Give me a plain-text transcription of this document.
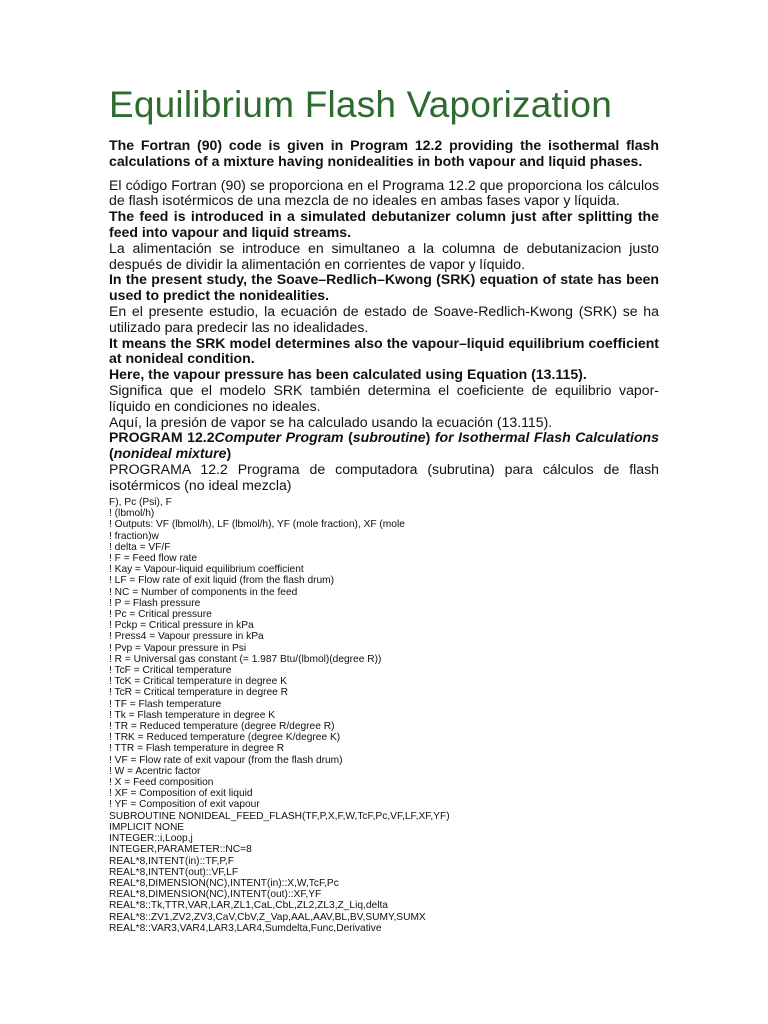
Equilibrium Flash Vaporization

The Fortran (90) code is given in Program 12.2 providing the isothermal flash calculations of a mixture having nonidealities in both vapour and liquid phases.

El código Fortran (90) se proporciona en el Programa 12.2 que proporciona los cálculos de flash isotérmicos de una mezcla de no ideales en ambas fases vapor y líquida.

The feed is introduced in a simulated debutanizer column just after splitting the feed into vapour and liquid streams.

La alimentación se introduce en simultaneo a la columna de debutanizacion justo después de dividir la alimentación en corrientes de vapor y líquido.

In the present study, the Soave–Redlich–Kwong (SRK) equation of state has been used to predict the nonidealities.

En el presente estudio, la ecuación de estado de Soave-Redlich-Kwong (SRK) se ha utilizado para predecir las no idealidades.

It means the SRK model determines also the vapour–liquid equilibrium coefficient at nonideal condition.

Here, the vapour pressure has been calculated using Equation (13.115).

Significa que el modelo SRK también determina el coeficiente de equilibrio vapor-líquido en condiciones no ideales.

Aquí, la presión de vapor se ha calculado usando la ecuación (13.115).

PROGRAM 12.2Computer Program (subroutine) for Isothermal Flash Calculations (nonideal mixture)

PROGRAMA 12.2 Programa de computadora (subrutina) para cálculos de flash isotérmicos (no ideal mezcla)

F), Pc (Psi), F
! (lbmol/h)
! Outputs: VF (lbmol/h), LF (lbmol/h), YF (mole fraction), XF (mole
! fraction)w
! delta = VF/F
! F = Feed flow rate
! Kay = Vapour-liquid equilibrium coefficient
! LF = Flow rate of exit liquid (from the flash drum)
! NC = Number of components in the feed
! P = Flash pressure
! Pc = Critical pressure
! Pckp = Critical pressure in kPa
! Press4 = Vapour pressure in kPa
! Pvp = Vapour pressure in Psi
! R = Universal gas constant (= 1.987 Btu/(lbmol)(degree R))
! TcF = Critical temperature
! TcK = Critical temperature in degree K
! TcR = Critical temperature in degree R
! TF = Flash temperature
! Tk = Flash temperature in degree K
! TR = Reduced temperature (degree R/degree R)
! TRK = Reduced temperature (degree K/degree K)
! TTR = Flash temperature in degree R
! VF = Flow rate of exit vapour (from the flash drum)
! W = Acentric factor
! X = Feed composition
! XF = Composition of exit liquid
! YF = Composition of exit vapour
SUBROUTINE NONIDEAL_FEED_FLASH(TF,P,X,F,W,TcF,Pc,VF,LF,XF,YF)
IMPLICIT NONE
INTEGER::i,Loop,j
INTEGER,PARAMETER::NC=8
REAL*8,INTENT(in)::TF,P,F
REAL*8,INTENT(out)::VF,LF
REAL*8,DIMENSION(NC),INTENT(in)::X,W,TcF,Pc
REAL*8,DIMENSION(NC),INTENT(out)::XF,YF
REAL*8::Tk,TTR,VAR,LAR,ZL1,CaL,CbL,ZL2,ZL3,Z_Liq,delta
REAL*8::ZV1,ZV2,ZV3,CaV,CbV,Z_Vap,AAL,AAV,BL,BV,SUMY,SUMX
REAL*8::VAR3,VAR4,LAR3,LAR4,Sumdelta,Func,Derivative
